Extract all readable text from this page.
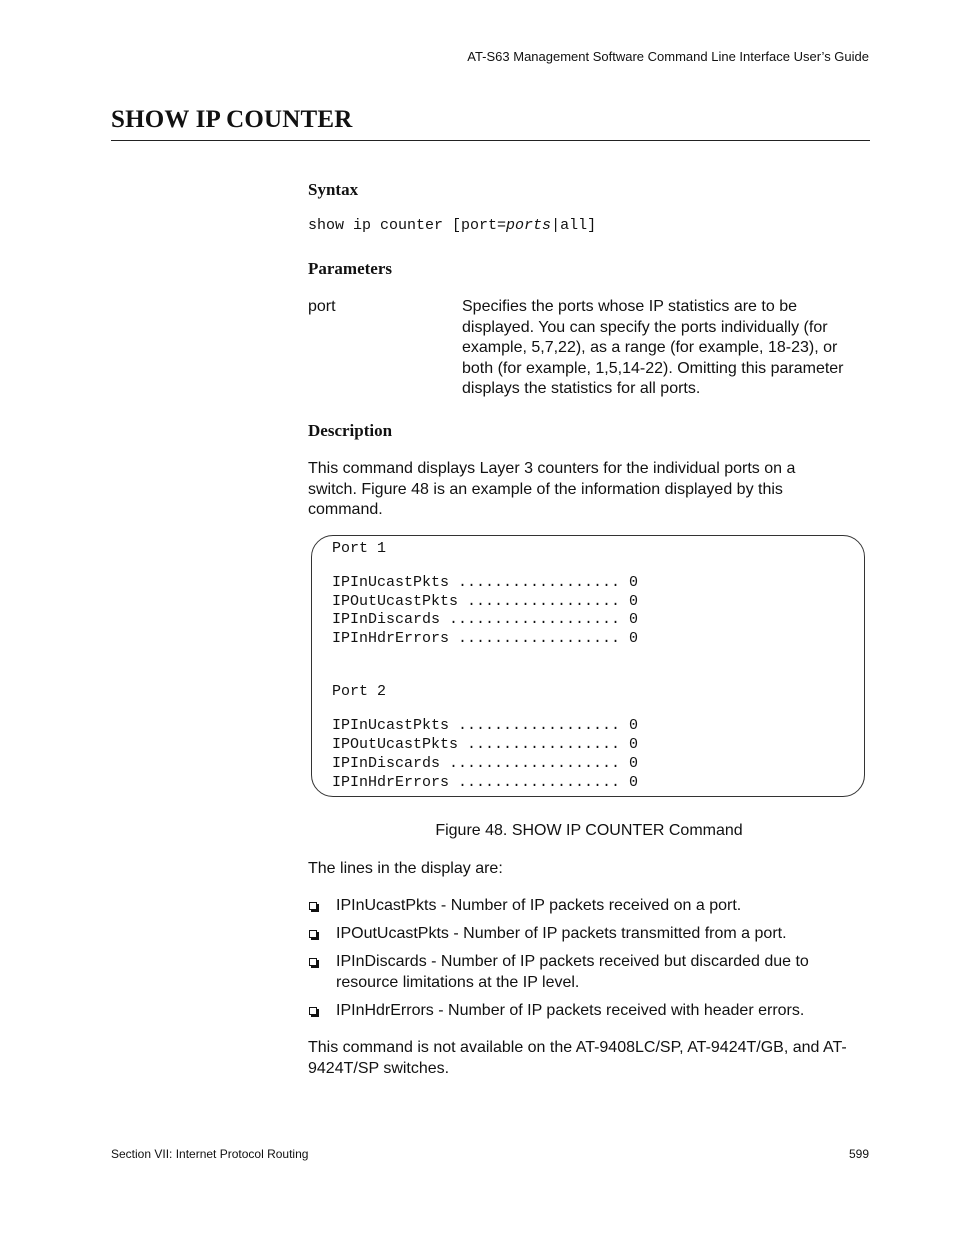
AT-S63 Management Software Command Line Interface User’s Guide
SHOW IP COUNTER
Syntax
show ip counter [port=ports|all]
Parameters
port	Specifies the ports whose IP statistics are to be displayed. You can specify the ports individually (for example, 5,7,22), as a range (for example, 18-23), or both (for example, 1,5,14-22). Omitting this parameter displays the statistics for all ports.
Description
This command displays Layer 3 counters for the individual ports on a switch. Figure 48 is an example of the information displayed by this command.
Port 1
IPInUcastPkts .................. 0
IPOutUcastPkts ................. 0
IPInDiscards ................... 0
IPInHdrErrors .................. 0
Port 2
IPInUcastPkts .................. 0
IPOutUcastPkts ................. 0
IPInDiscards ................... 0
IPInHdrErrors .................. 0
Figure 48. SHOW IP COUNTER Command
The lines in the display are:
IPInUcastPkts - Number of IP packets received on a port.
IPOutUcastPkts - Number of IP packets transmitted from a port.
IPInDiscards - Number of IP packets received but discarded due to resource limitations at the IP level.
IPInHdrErrors - Number of IP packets received with header errors.
This command is not available on the AT-9408LC/SP, AT-9424T/GB, and AT-9424T/SP switches.
Section VII: Internet Protocol Routing	599
